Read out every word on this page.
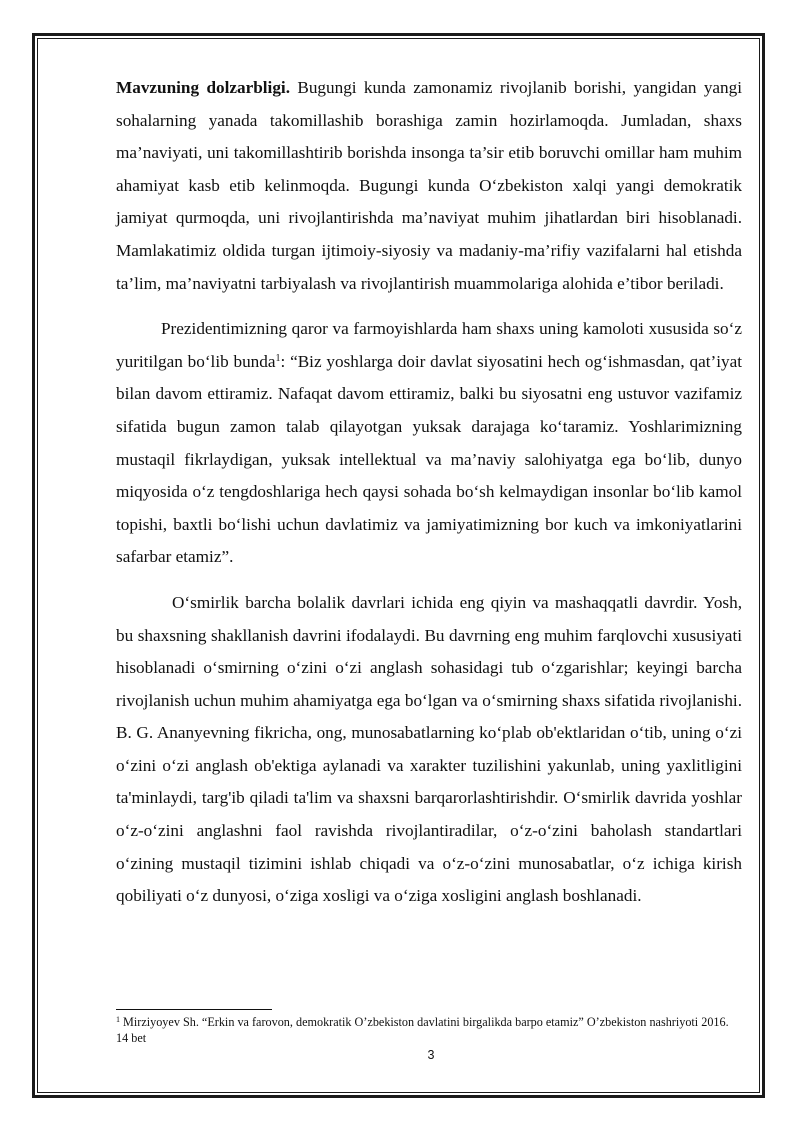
Mavzuning dolzarbligi. Bugungi kunda zamonamiz rivojlanib borishi, yangidan yangi sohalarning yanada takomillashib borashiga zamin hozirlamoqda. Jumladan, shaxs ma’naviyati, uni takomillashtirib borishda insonga ta’sir etib boruvchi omillar ham muhim ahamiyat kasb etib kelinmoqda. Bugungi kunda O‘zbekiston xalqi yangi demokratik jamiyat qurmoqda, uni rivojlantirishda ma’naviyat muhim jihatlardan biri hisoblanadi. Mamlakatimiz oldida turgan ijtimoiy-siyosiy va madaniy-ma’rifiy vazifalarni hal etishda ta’lim, ma’naviyatni tarbiyalash va rivojlantirish muammolariga alohida e’tibor beriladi.

Prezidentimizning qaror va farmoyishlarda ham shaxs uning kamoloti xususida so‘z yuritilgan bo‘lib bunda$^1$: “Biz yoshlarga doir davlat siyosatini hech og‘ishmasdan, qat’iyat bilan davom ettiramiz. Nafaqat davom ettiramiz, balki bu siyosatni eng ustuvor vazifamiz sifatida bugun zamon talab qilayotgan yuksak darajaga ko‘taramiz. Yoshlarimizning mustaqil fikrlaydigan, yuksak intellektual va ma’naviy salohiyatga ega bo‘lib, dunyo miqyosida o‘z tengdoshlariga hech qaysi sohada bo‘sh kelmaydigan insonlar bo‘lib kamol topishi, baxtli bo‘lishi uchun davlatimiz va jamiyatimizning bor kuch va imkoniyatlarini safarbar etamiz”.

O‘smirlik barcha bolalik davrlari ichida eng qiyin va mashaqqatli davrdir. Yosh, bu shaxsning shakllanish davrini ifodalaydi. Bu davrning eng muhim farqlovchi xususiyati hisoblanadi o‘smirning o‘zini o‘zi anglash sohasidagi tub o‘zgarishlar; keyingi barcha rivojlanish uchun muhim ahamiyatga ega bo‘lgan va o‘smirning shaxs sifatida rivojlanishi. B. G. Ananyevning fikricha, ong, munosabatlarning ko‘plab ob'ektlaridan o‘tib, uning o‘zi o‘zini o‘zi anglash ob'ektiga aylanadi va xarakter tuzilishini yakunlab, uning yaxlitligini ta'minlaydi, targ'ib qiladi ta'lim va shaxsni barqarorlashtirishdir. O‘smirlik davrida yoshlar o‘z-o‘zini anglashni faol ravishda rivojlantiradilar, o‘z-o‘zini baholash standartlari o‘zining mustaqil tizimini ishlab chiqadi va o‘z-o‘zini munosabatlar, o‘z ichiga kirish qobiliyati o‘z dunyosi, o‘ziga xosligi va o‘ziga xosligini anglash boshlanadi.

$^1$ Mirziyoyev Sh. “Erkin va farovon, demokratik O’zbekiston davlatini birgalikda barpo etamiz” O’zbekiston nashriyoti 2016. 14 bet
3
